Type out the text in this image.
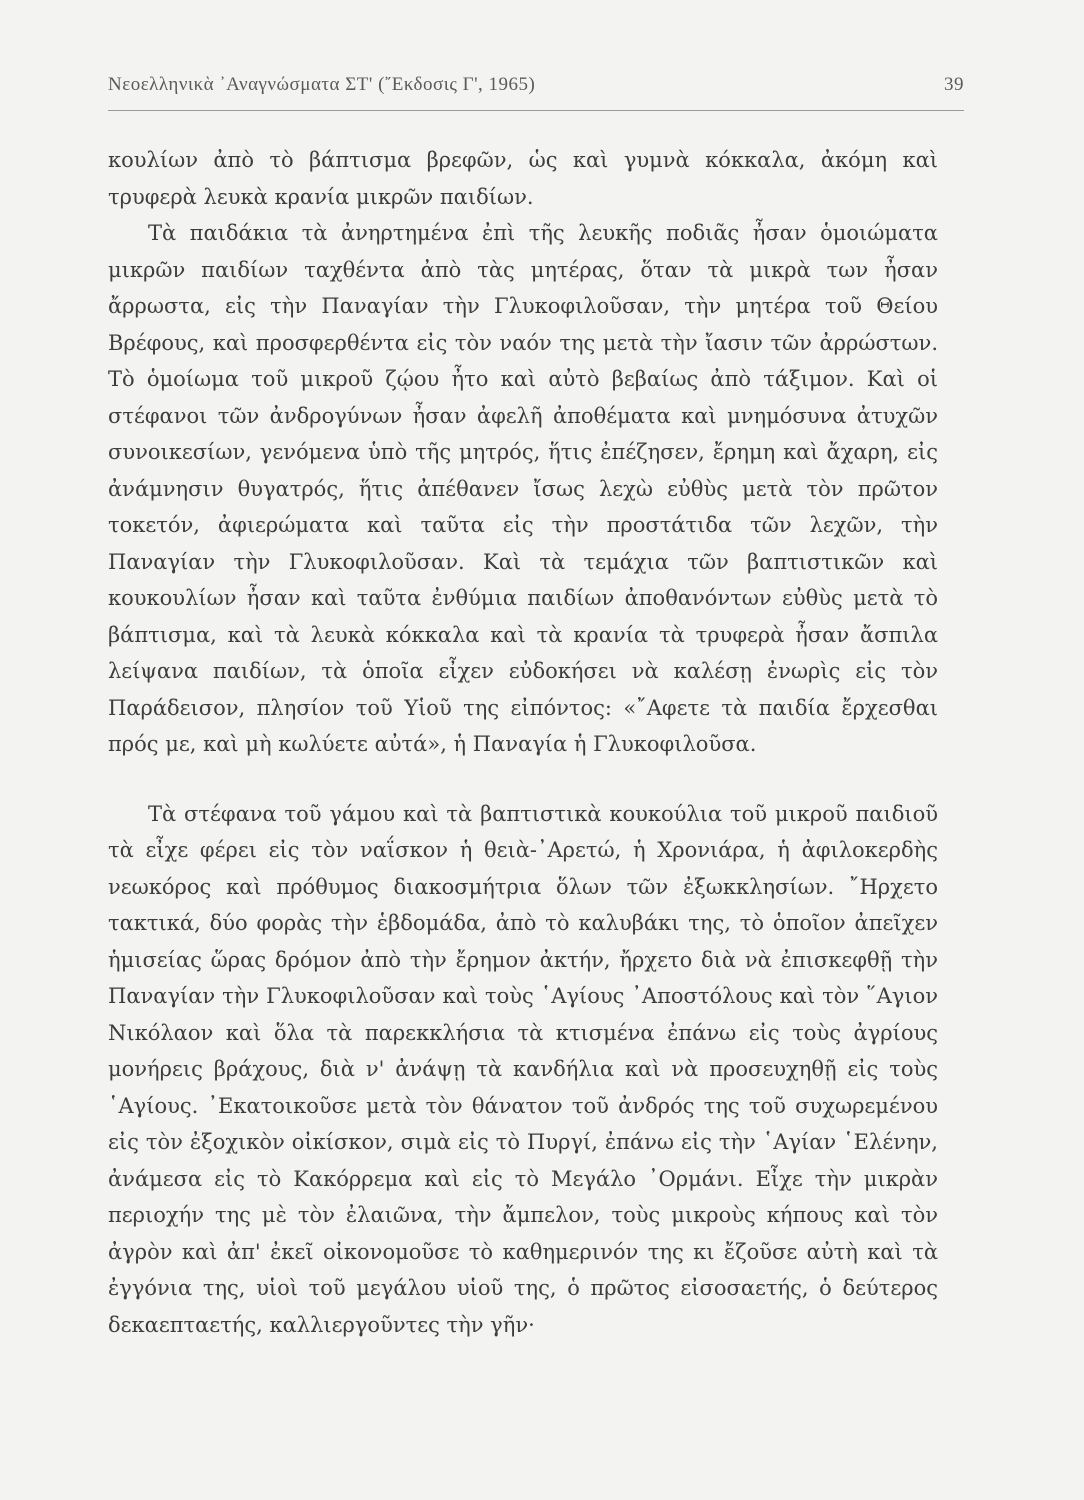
Νεοελληνικὰ ᾿Αναγνώσματα ΣΤ' (῎Εκδοσις Γ', 1965)	39

κουλίων ἀπὸ τὸ βάπτισμα βρεφῶν, ὡς καὶ γυμνὰ κόκκαλα, ἀκόμη καὶ τρυφερὰ λευκὰ κρανία μικρῶν παιδίων.

Τὰ παιδάκια τὰ ἀνηρτημένα ἐπὶ τῆς λευκῆς ποδιᾶς ἦσαν ὁμοιώματα μικρῶν παιδίων ταχθέντα ἀπὸ τὰς μητέρας, ὅταν τὰ μικρὰ των ἦσαν ἄρρωστα, εἰς τὴν Παναγίαν τὴν Γλυκοφιλοῦσαν, τὴν μητέρα τοῦ Θείου Βρέφους, καὶ προσφερθέντα εἰς τὸν ναόν της μετὰ τὴν ἴασιν τῶν ἀρρώστων. Τὸ ὁμοίωμα τοῦ μικροῦ ζῴου ἦτο καὶ αὐτὸ βεβαίως ἀπὸ τάξιμον. Καὶ οἱ στέφανοι τῶν ἀνδρογύνων ἦσαν ἀφελῆ ἀποθέματα καὶ μνημόσυνα ἀτυχῶν συνοικεσίων, γενόμενα ὑπὸ τῆς μητρός, ἥτις ἐπέζησεν, ἔρημη καὶ ἄχαρη, εἰς ἀνάμνησιν θυγατρός, ἥτις ἀπέθανεν ἴσως λεχὼ εὐθὺς μετὰ τὸν πρῶτον τοκετόν, ἀφιερώματα καὶ ταῦτα εἰς τὴν προστάτιδα τῶν λεχῶν, τὴν Παναγίαν τὴν Γλυκοφιλοῦσαν. Καὶ τὰ τεμάχια τῶν βαπτιστικῶν καὶ κουκουλίων ἦσαν καὶ ταῦτα ἐνθύμια παιδίων ἀποθανόντων εὐθὺς μετὰ τὸ βάπτισμα, καὶ τὰ λευκὰ κόκκαλα καὶ τὰ κρανία τὰ τρυφερὰ ἦσαν ἄσπιλα λείψανα παιδίων, τὰ ὁποῖα εἶχεν εὐδοκήσει νὰ καλέσῃ ἐνωρὶς εἰς τὸν Παράδεισον, πλησίον τοῦ Υἱοῦ της εἰπόντος: «῎Αφετε τὰ παιδία ἔρχεσθαι πρός με, καὶ μὴ κωλύετε αὐτά», ἡ Παναγία ἡ Γλυκοφιλοῦσα.

Τὰ στέφανα τοῦ γάμου καὶ τὰ βαπτιστικὰ κουκούλια τοῦ μικροῦ παιδιοῦ τὰ εἶχε φέρει εἰς τὸν ναΐσκον ἡ θειὰ-᾿Αρετώ, ἡ Χρονιάρα, ἡ ἀφιλοκερδὴς νεωκόρος καὶ πρόθυμος διακοσμήτρια ὅλων τῶν ἐξωκκλησίων. ῎Ηρχετο τακτικά, δύο φορὰς τὴν ἑβδομάδα, ἀπὸ τὸ καλυβάκι της, τὸ ὁποῖον ἀπεῖχεν ἡμισείας ὥρας δρόμον ἀπὸ τὴν ἔρημον ἀκτήν, ἤρχετο διὰ νὰ ἐπισκεφθῇ τὴν Παναγίαν τὴν Γλυκοφιλοῦσαν καὶ τοὺς ῾Αγίους ᾿Αποστόλους καὶ τὸν ῞Αγιον Νικόλαον καὶ ὅλα τὰ παρεκκλήσια τὰ κτισμένα ἐπάνω εἰς τοὺς ἀγρίους μονήρεις βράχους, διὰ ν' ἀνάψῃ τὰ κανδήλια καὶ νὰ προσευχηθῇ εἰς τοὺς ῾Αγίους. ᾿Εκατοικοῦσε μετὰ τὸν θάνατον τοῦ ἀνδρός της τοῦ συχωρεμένου εἰς τὸν ἐξοχικὸν οἰκίσκον, σιμὰ εἰς τὸ Πυργί, ἐπάνω εἰς τὴν ῾Αγίαν ῾Ελένην, ἀνάμεσα εἰς τὸ Κακόρρεμα καὶ εἰς τὸ Μεγάλο ᾿Ορμάνι. Εἶχε τὴν μικρὰν περιοχήν της μὲ τὸν ἐλαιῶνα, τὴν ἄμπελον, τοὺς μικροὺς κήπους καὶ τὸν ἀγρὸν καὶ ἀπ' ἐκεῖ οἰκονομοῦσε τὸ καθημερινόν της κι ἔζοῦσε αὐτὴ καὶ τὰ ἐγγόνια της, υἱοὶ τοῦ μεγάλου υἱοῦ της, ὁ πρῶτος εἰσοσαετής, ὁ δεύτερος δεκαεπταετής, καλλιεργοῦντες τὴν γῆν·
